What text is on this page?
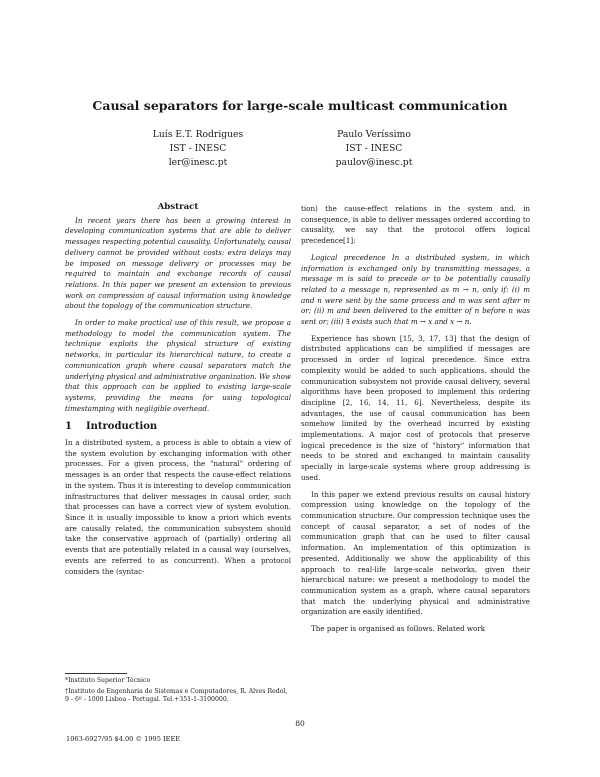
Causal separators for large-scale multicast communication
Luís E.T. Rodrigues
IST - INESC
ler@inesc.pt
Paulo Veríssimo
IST - INESC
paulov@inesc.pt
Abstract

In recent years there has been a growing interest in developing communication systems that are able to deliver messages respecting potential causality. Unfortunately, causal delivery cannot be provided without costs: extra delays may be imposed on message delivery or processes may be required to maintain and exchange records of causal relations. In this paper we present an extension to previous work on compression of causal information using knowledge about the topology of the communication structure.

In order to make practical use of this result, we propose a methodology to model the communication system. The technique exploits the physical structure of existing networks, in particular its hierarchical nature, to create a communication graph where causal separators match the underlying physical and administrative organization. We show that this approach can be applied to existing large-scale systems, providing the means for using topological timestamping with negligible overhead.

1 Introduction

In a distributed system, a process is able to obtain a view of the system evolution by exchanging information with other processes. For a given process, the "natural" ordering of messages is an order that respects the cause-effect relations in the system. Thus it is interesting to develop communication infrastructures that deliver messages in causal order, such that processes can have a correct view of system evolution. Since it is usually impossible to know a priori which events are causally related, the communication subsystem should take the conservative approach of (partially) ordering all events that are potentially related in a causal way (ourselves, events are referred to as concurrent). When a protocol considers the (syntac-

tion) the cause-effect relations in the system and, in consequence, is able to deliver messages ordered according to causality, we say that the protocol offers logical precedence[1]:

Logical precedence In a distributed system, in which information is exchanged only by transmitting messages, a message m is said to precede or to be potentially causally related to a message n, represented as m → n, only if: (i) m and n were sent by the same process and m was sent after m or; (ii) m and been delivered to the emitter of n before n was sent or; (iii) ∃ exists such that m → x and x → n.

Experience has shown [15, 3, 17, 13] that the design of distributed applications can be simplified if messages are processed in order of logical precedence. Since extra complexity would be added to such applications, should the communication subsystem not provide causal delivery, several algorithms have been proposed to implement this ordering discipline [2, 16, 14, 11, 6]. Nevertheless, despite its advantages, the use of causal communication has been somehow limited by the overhead incurred by existing implementations. A major cost of protocols that preserve logical precedence is the size of "history" information that needs to be stored and exchanged to maintain causality specially in large-scale systems where group addressing is used.

In this paper we extend previous results on causal history compression using knowledge on the topology of the communication structure. Our compression technique uses the concept of causal separator, a set of nodes of the communication graph that can be used to filter causal information. An implementation of this optimization is presented. Additionally we show the applicability of this approach to real-life large-scale networks, given their hierarchical nature: we present a methodology to model the communication system as a graph, where causal separators that match the underlying physical and administrative organization are easily identified.

The paper is organised as follows. Related work

*Instituto Superior Técnico

†Instituto de Engenharia de Sistemas e Computadores, R. Alves Redol, 9 - 6º - 1000 Lisboa - Portugal. Tel.+351-1-3100000.

80
1063-6927/95 $4.00 © 1995 IEEE
